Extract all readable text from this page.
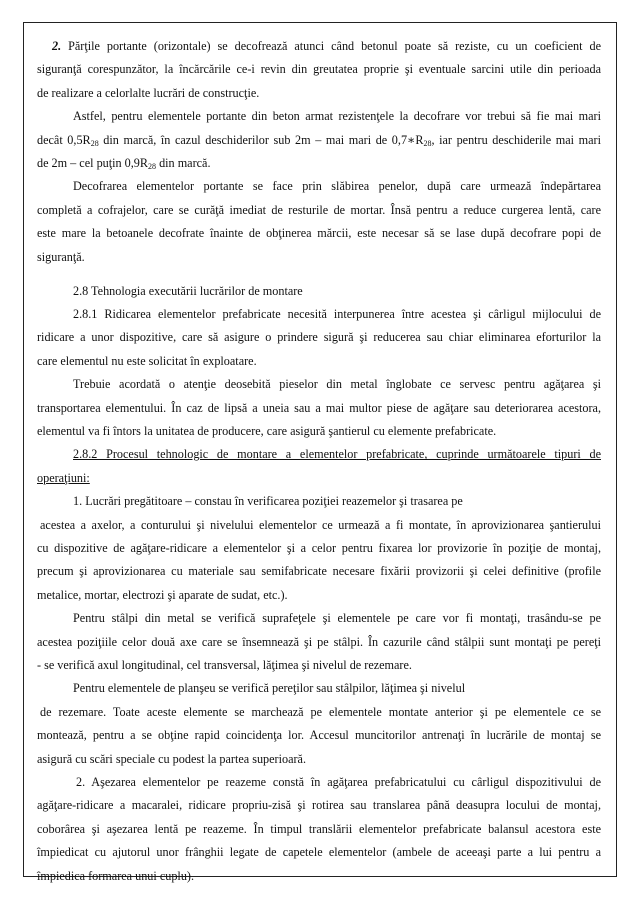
2. Părţile portante (orizontale) se decofrează atunci când betonul poate să reziste, cu un coeficient de
siguranţă corespunzător, la încărcările ce-i revin din greutatea proprie şi eventuale sarcini utile din perioada
de realizare a celorlalte lucrări de construcţie.
Astfel, pentru elementele portante din beton armat rezistenţele la decofrare vor trebui să fie mai mari
decât $0,5R_{28}$ din marcă, în cazul deschiderilor sub 2m – mai mari de $0,7∗R_{28}$, iar pentru deschiderile mai mari
de 2m – cel puţin $0,9R_{28}$ din marcă.
Decofrarea elementelor portante se face prin slăbirea penelor, după care urmează îndepărtarea
completă a cofrajelor, care se curăţă imediat de resturile de mortar. Însă pentru a reduce curgerea lentă, care
este mare la betoanele decofrate înainte de obţinerea mărcii, este necesar să se lase după decofrare popi de
siguranţă.
2.8 Tehnologia executării lucrărilor de montare
2.8.1 Ridicarea elementelor prefabricate necesită interpunerea între acestea şi cârligul mijlocului de
ridicare a unor dispozitive, care să asigure o prindere sigură şi reducerea sau chiar eliminarea eforturilor la
care elementul nu este solicitat în exploatare.
Trebuie acordată o atenţie deosebită pieselor din metal înglobate ce servesc pentru agăţarea şi
transportarea elementului. În caz de lipsă a uneia sau a mai multor piese de agăţare sau deteriorarea acestora,
elementul va fi întors la unitatea de producere, care asigură şantierul cu elemente prefabricate.
2.8.2 Procesul tehnologic de montare a elementelor prefabricate, cuprinde următoarele tipuri de
operaţiuni:
1. Lucrări pregătitoare – constau în verificarea poziţiei reazemelor şi trasarea pe
acestea a axelor, a conturului şi nivelului elementelor ce urmează a fi montate, în aprovizionarea şantierului
cu dispozitive de agăţare-ridicare a elementelor şi a celor pentru fixarea lor provizorie în poziţie de montaj,
precum şi aprovizionarea cu materiale sau semifabricate necesare fixării provizorii şi celei definitive (profile
metalice, mortar, electrozi şi aparate de sudat, etc.).
Pentru stâlpi din metal se verifică suprafeţele şi elementele pe care vor fi montaţi, trasându-se pe
acestea poziţiile celor două axe care se însemnează şi pe stâlpi. În cazurile când stâlpii sunt montaţi pe pereţi
- se verifică axul longitudinal, cel transversal, lăţimea şi nivelul de rezemare.
Pentru elementele de planşeu se verifică pereţilor sau stâlpilor, lăţimea şi nivelul
de rezemare. Toate aceste elemente se marchează pe elementele montate anterior şi pe elementele ce se
montează, pentru a se obţine rapid coincidenţa lor. Accesul muncitorilor antrenaţi în lucrările de montaj se
asigură cu scări speciale cu podest la partea superioară.
2. Aşezarea elementelor pe reazeme constă în agăţarea prefabricatului cu cârligul dispozitivului de
agăţare-ridicare a macaralei, ridicare propriu-zisă şi rotirea sau translarea până deasupra locului de montaj,
coborârea şi aşezarea lentă pe reazeme. În timpul translării elementelor prefabricate balansul acestora este
împiedicat cu ajutorul unor frânghii legate de capetele elementelor (ambele de aceeaşi parte a lui pentru a
împiedica formarea unui cuplu).
